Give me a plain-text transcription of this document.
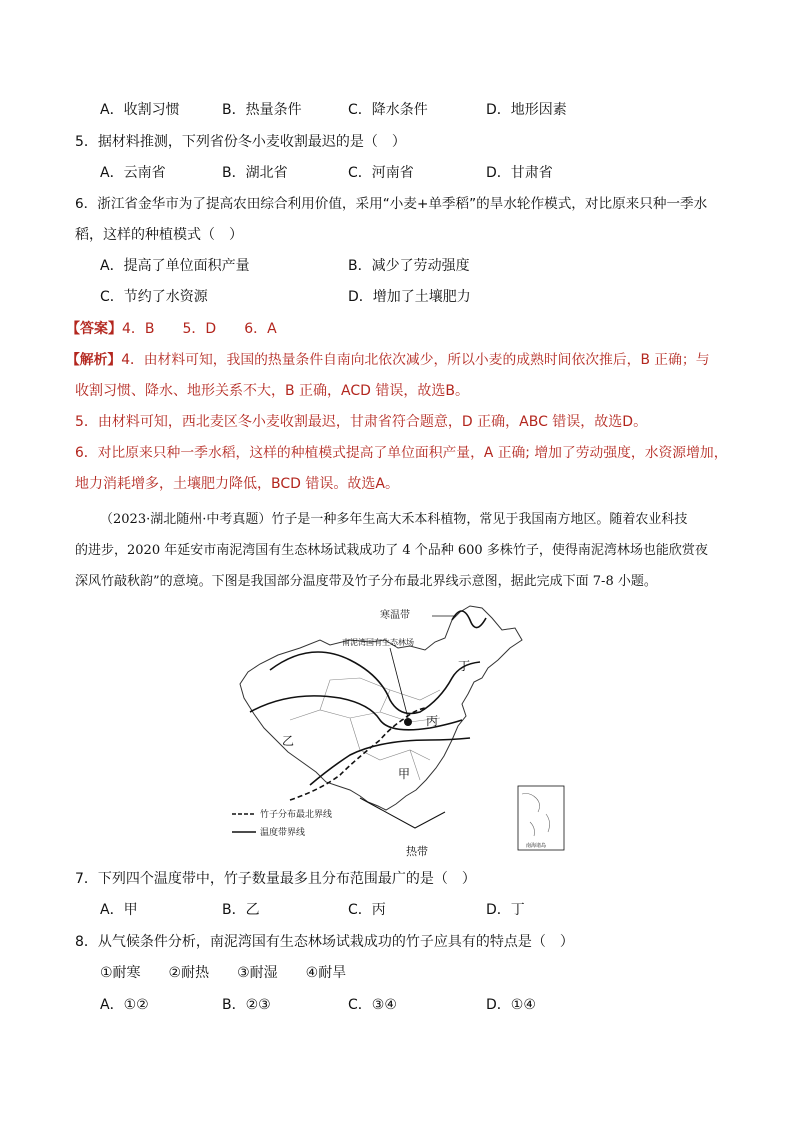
A．收割习惯	B．热量条件	C．降水条件	D．地形因素
5．据材料推测，下列省份冬小麦收割最迟的是（　）
A．云南省	B．湖北省	C．河南省	D．甘肃省
6．浙江省金华市为了提高农田综合利用价值，采用“小麦+单季稻”的旱水轮作模式，对比原来只种一季水
稻，这样的种植模式（　）
A．提高了单位面积产量	B．减少了劳动强度
C．节约了水资源	D．增加了土壤肥力
【答案】4．B　　5．D　　6．A
【解析】4．由材料可知，我国的热量条件自南向北依次减少，所以小麦的成熟时间依次推后，B 正确；与
收割习惯、降水、地形关系不大，B 正确，ACD 错误，故选B。
5．由材料可知，西北麦区冬小麦收割最迟，甘肃省符合题意，D 正确，ABC 错误，故选D。
6．对比原来只种一季水稻，这样的种植模式提高了单位面积产量，A 正确; 增加了劳动强度，水资源增加，
地力消耗增多，土壤肥力降低，BCD 错误。故选A。
（2023·湖北随州·中考真题）竹子是一种多年生高大禾本科植物，常见于我国南方地区。随着农业科技
的进步，2020 年延安市南泥湾国有生态林场试栽成功了 4 个品种 600 多株竹子，使得南泥湾林场也能欣赏夜
深风竹敲秋韵”的意境。下图是我国部分温度带及竹子分布最北界线示意图，据此完成下面 7-8 小题。
寒温带
南泥湾国有生态林场
丁
丙
乙
甲
热带
竹子分布最北界线
温度带界线
南海诸岛
7．下列四个温度带中，竹子数量最多且分布范围最广的是（　）
A．甲	B．乙	C．丙	D．丁
8．从气候条件分析，南泥湾国有生态林场试栽成功的竹子应具有的特点是（　）
①耐寒　　②耐热　　③耐湿　　④耐旱
A．①②	B．②③	C．③④	D．①④
